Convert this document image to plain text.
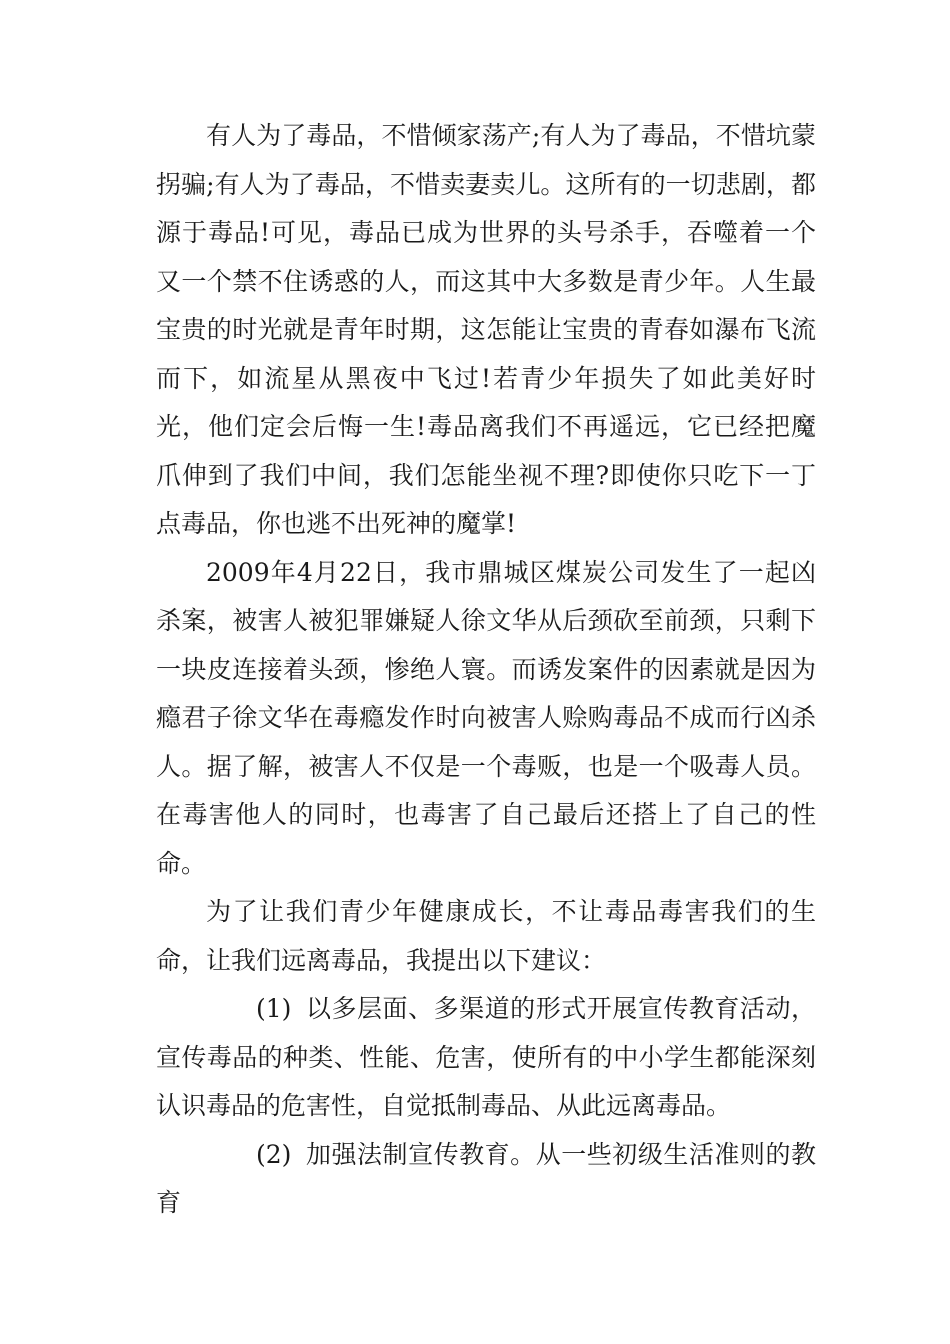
有人为了毒品，不惜倾家荡产;有人为了毒品，不惜坑蒙拐骗;有人为了毒品，不惜卖妻卖儿。这所有的一切悲剧，都源于毒品!可见，毒品已成为世界的头号杀手，吞噬着一个又一个禁不住诱惑的人，而这其中大多数是青少年。人生最宝贵的时光就是青年时期，这怎能让宝贵的青春如瀑布飞流而下，如流星从黑夜中飞过!若青少年损失了如此美好时光，他们定会后悔一生!毒品离我们不再遥远，它已经把魔爪伸到了我们中间，我们怎能坐视不理?即使你只吃下一丁点毒品，你也逃不出死神的魔掌!

2009年4月22日，我市鼎城区煤炭公司发生了一起凶杀案，被害人被犯罪嫌疑人徐文华从后颈砍至前颈，只剩下一块皮连接着头颈，惨绝人寰。而诱发案件的因素就是因为瘾君子徐文华在毒瘾发作时向被害人赊购毒品不成而行凶杀人。据了解，被害人不仅是一个毒贩，也是一个吸毒人员。在毒害他人的同时，也毒害了自己最后还搭上了自己的性命。

为了让我们青少年健康成长，不让毒品毒害我们的生命，让我们远离毒品，我提出以下建议：

(1) 以多层面、多渠道的形式开展宣传教育活动，宣传毒品的种类、性能、危害，使所有的中小学生都能深刻认识毒品的危害性，自觉抵制毒品、从此远离毒品。

(2) 加强法制宣传教育。从一些初级生活准则的教育
